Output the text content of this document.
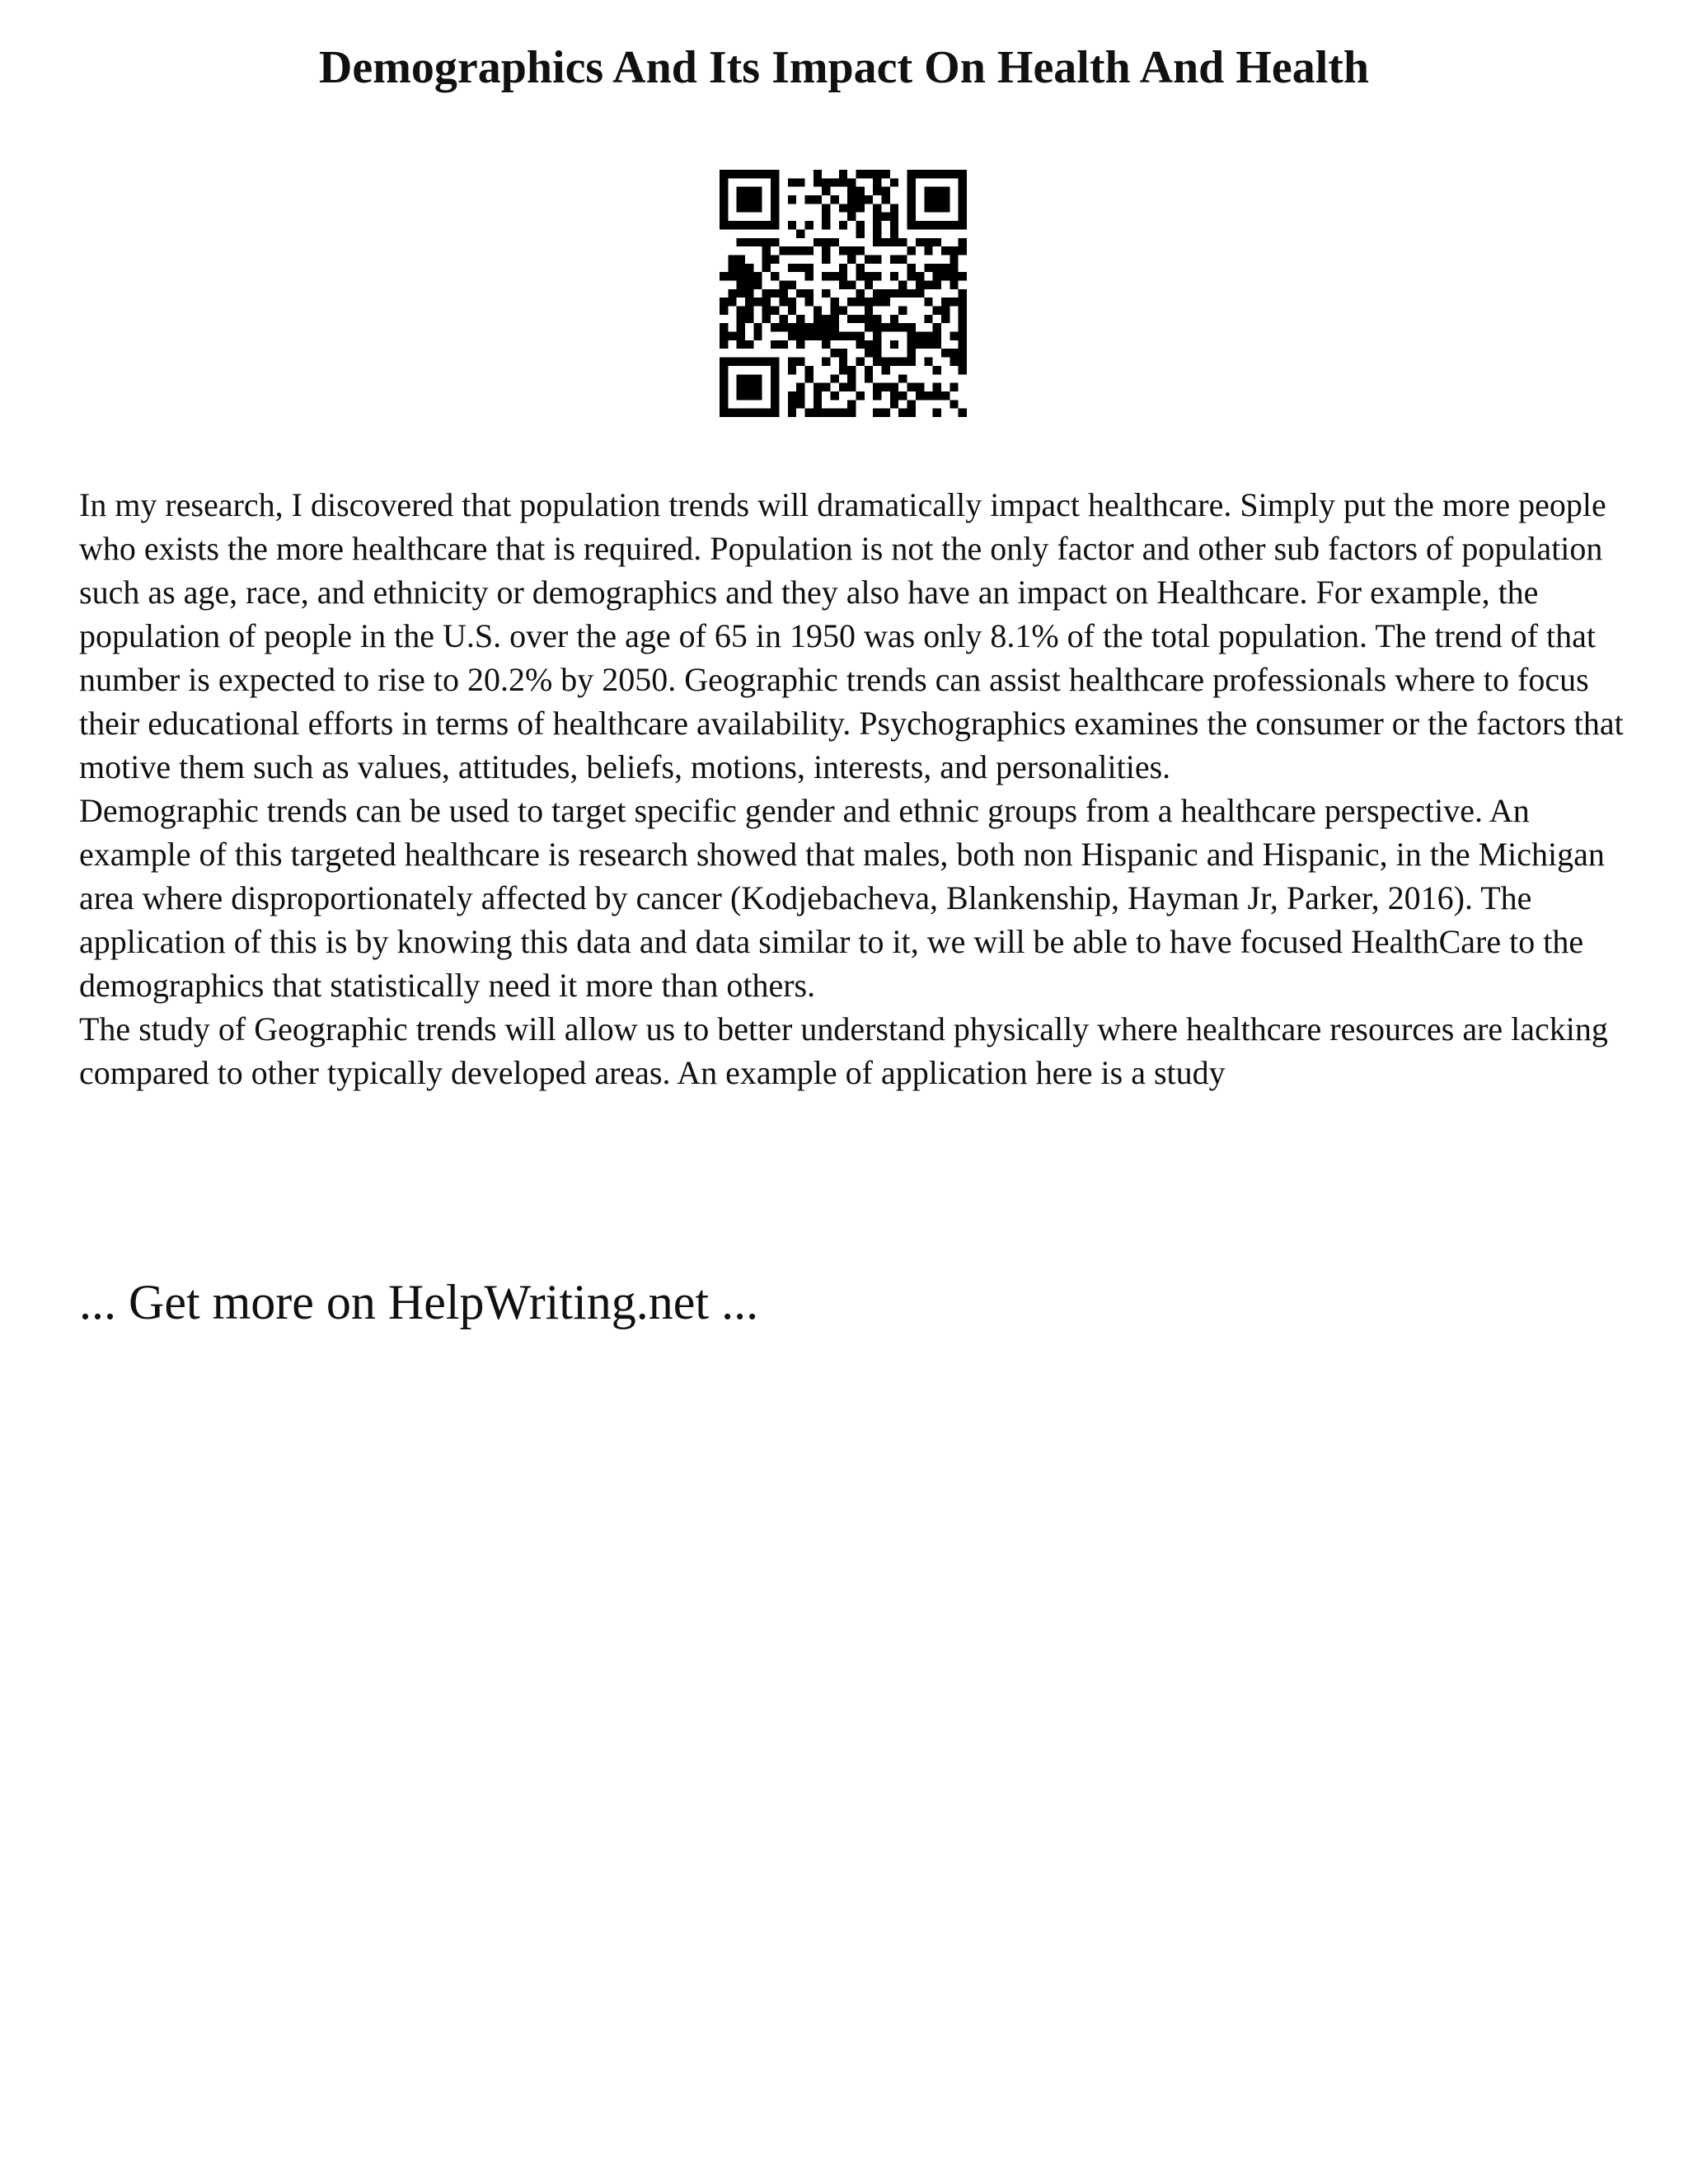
Demographics And Its Impact On Health And Health

In my research, I discovered that population trends will dramatically impact healthcare. Simply put the more people who exists the more healthcare that is required. Population is not the only factor and other sub factors of population such as age, race, and ethnicity or demographics and they also have an impact on Healthcare. For example, the population of people in the U.S. over the age of 65 in 1950 was only 8.1% of the total population. The trend of that number is expected to rise to 20.2% by 2050. Geographic trends can assist healthcare professionals where to focus their educational efforts in terms of healthcare availability. Psychographics examines the consumer or the factors that motive them such as values, attitudes, beliefs, motions, interests, and personalities.

Demographic trends can be used to target specific gender and ethnic groups from a healthcare perspective. An example of this targeted healthcare is research showed that males, both non Hispanic and Hispanic, in the Michigan area where disproportionately affected by cancer (Kodjebacheva, Blankenship, Hayman Jr, Parker, 2016). The application of this is by knowing this data and data similar to it, we will be able to have focused HealthCare to the demographics that statistically need it more than others.

The study of Geographic trends will allow us to better understand physically where healthcare resources are lacking compared to other typically developed areas. An example of application here is a study

... Get more on HelpWriting.net ...
